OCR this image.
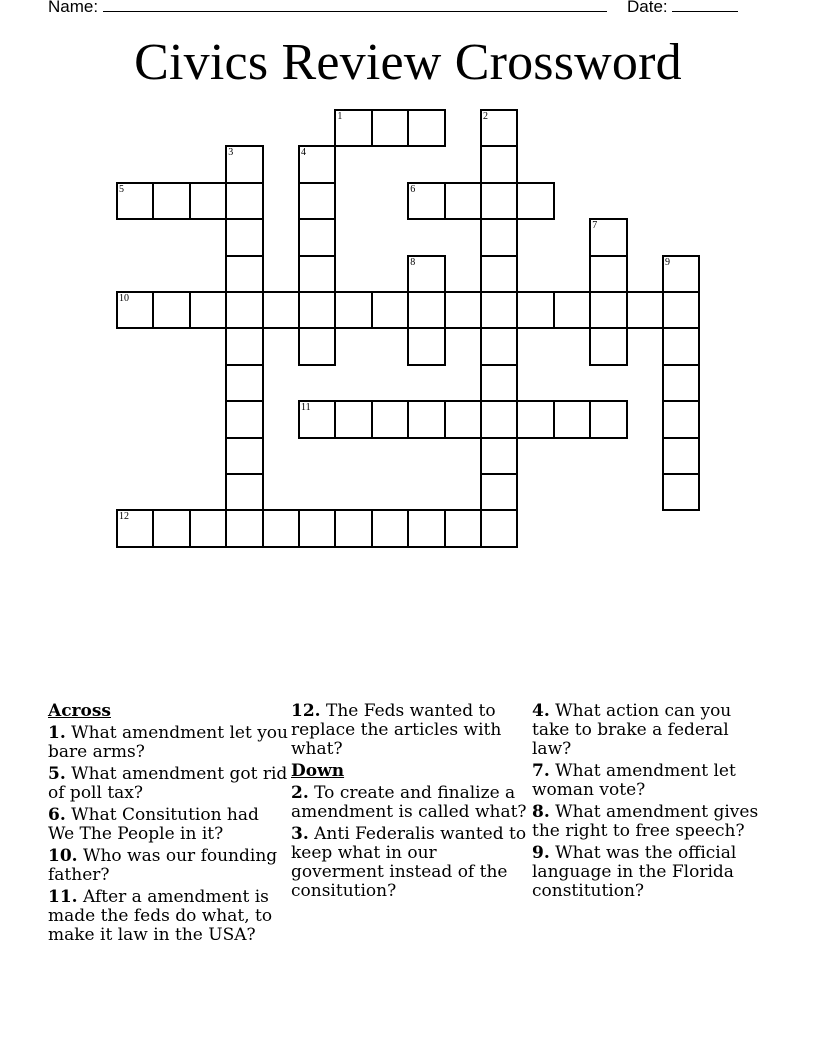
Name:	Date:
Civics Review Crossword
1	2
3	4
5	6
7
8	9
10
11
12
Across
1. What amendment let you bare arms?
5. What amendment got rid of poll tax?
6. What Consitution had We The People in it?
10. Who was our founding father?
11. After a amendment is made the feds do what, to make it law in the USA?
12. The Feds wanted to replace the articles with what?
Down
2. To create and finalize a amendment is called what?
3. Anti Federalis wanted to keep what in our goverment instead of the consitution?
4. What action can you take to brake a federal law?
7. What amendment let woman vote?
8. What amendment gives the right to free speech?
9. What was the official language in the Florida constitution?
